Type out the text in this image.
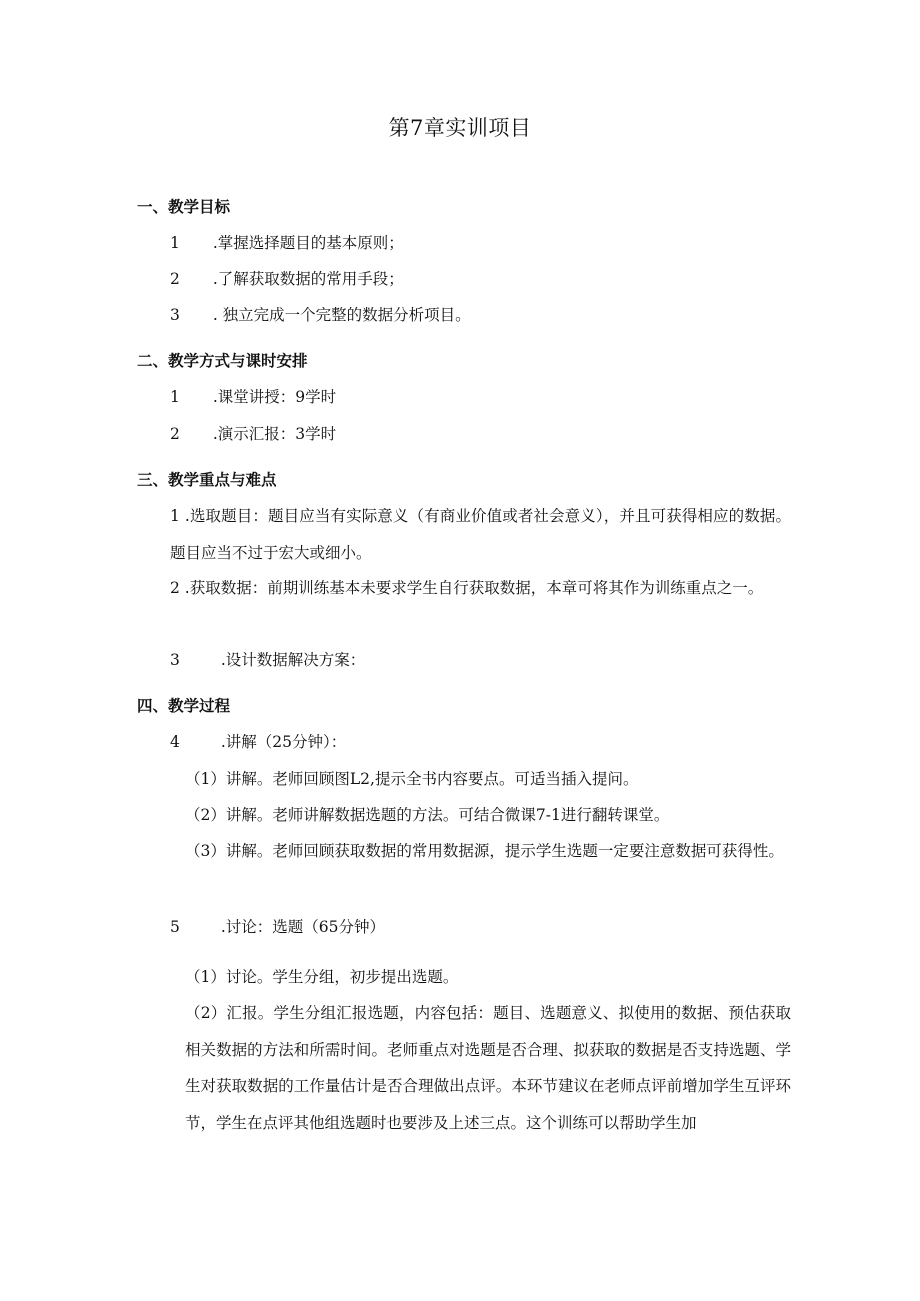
第7章实训项目
一、教学目标
1 .掌握选择题目的基本原则；
2 .了解获取数据的常用手段；
3 . 独立完成一个完整的数据分析项目。
二、教学方式与课时安排
1 .课堂讲授：9学时
2 .演示汇报：3学时
三、教学重点与难点
1 .选取题目：题目应当有实际意义（有商业价值或者社会意义），并且可获得相应的数据。题目应当不过于宏大或细小。
2 .获取数据：前期训练基本未要求学生自行获取数据，本章可将其作为训练重点之一。
3	.设计数据解决方案：
四、教学过程
4	.讲解（25分钟）：
（1）讲解。老师回顾图L2,提示全书内容要点。可适当插入提问。
（2）讲解。老师讲解数据选题的方法。可结合微课7-1进行翻转课堂。
（3）讲解。老师回顾获取数据的常用数据源，提示学生选题一定要注意数据可获得性。
5	.讨论：选题（65分钟）
（1）讨论。学生分组，初步提出选题。
（2）汇报。学生分组汇报选题，内容包括：题目、选题意义、拟使用的数据、预估获取相关数据的方法和所需时间。老师重点对选题是否合理、拟获取的数据是否支持选题、学生对获取数据的工作量估计是否合理做出点评。本环节建议在老师点评前增加学生互评环节，学生在点评其他组选题时也要涉及上述三点。这个训练可以帮助学生加
